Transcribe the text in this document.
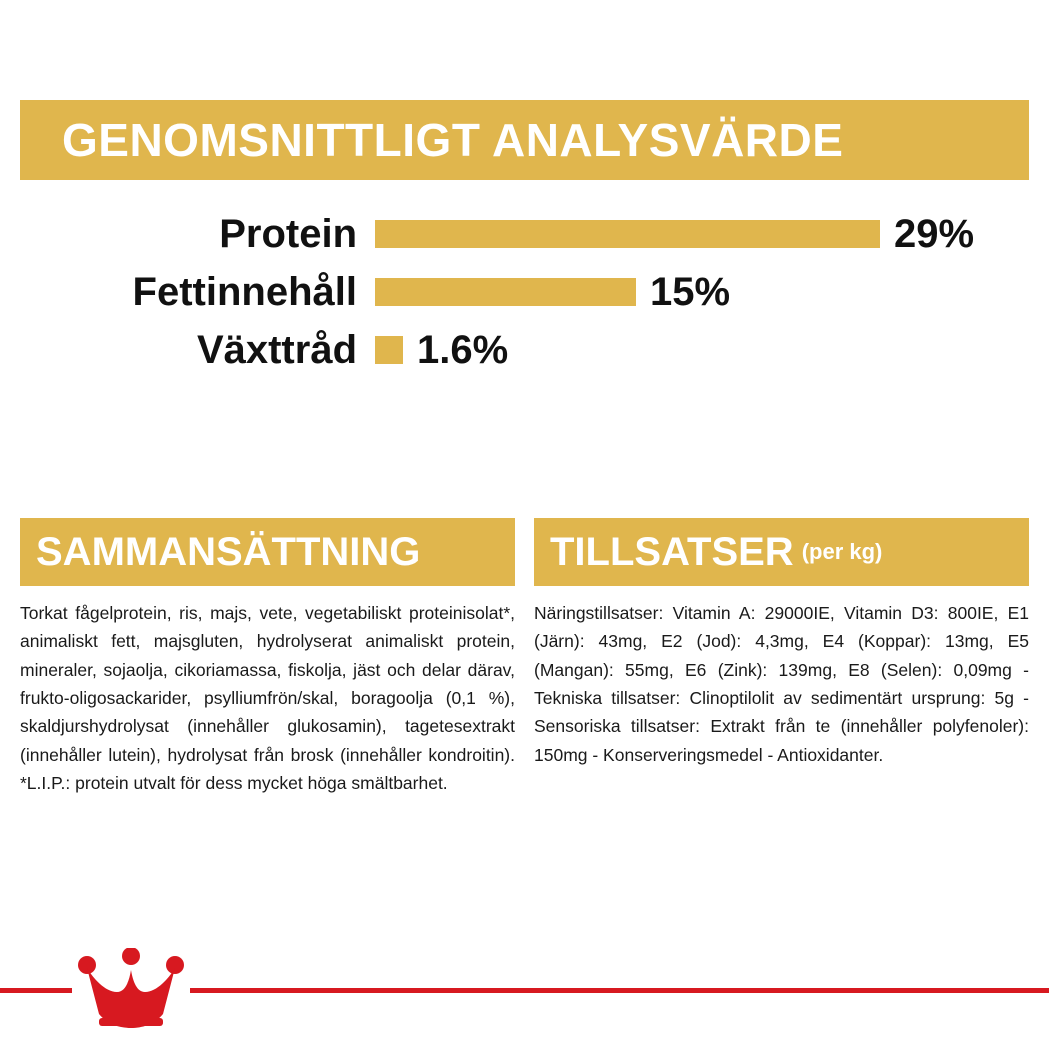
GENOMSNITTLIGT ANALYSVÄRDE
Protein	29%
Fettinnehåll	15%
Växttråd	1.6%
SAMMANSÄTTNING
Torkat fågelprotein, ris, majs, vete, vegetabiliskt proteinisolat*, animaliskt fett, majsgluten, hydrolyserat animaliskt protein, mineraler, sojaolja, cikoriamassa, fiskolja, jäst och delar därav, frukto-oligosackarider, psylliumfrön/skal, boragoolja (0,1 %), skaldjurshydrolysat (innehåller glukosamin), tagetesextrakt (innehåller lutein), hydrolysat från brosk (innehåller kondroitin). *L.I.P.: protein utvalt för dess mycket höga smältbarhet.
TILLSATSER (per kg)
Näringstillsatser: Vitamin A: 29000IE, Vitamin D3: 800IE, E1 (Järn): 43mg, E2 (Jod): 4,3mg, E4 (Koppar): 13mg, E5 (Mangan): 55mg, E6 (Zink): 139mg, E8 (Selen): 0,09mg - Tekniska tillsatser: Clinoptilolit av sedimentärt ursprung: 5g - Sensoriska tillsatser: Extrakt från te (innehåller polyfenoler): 150mg - Konserveringsmedel - Antioxidanter.
